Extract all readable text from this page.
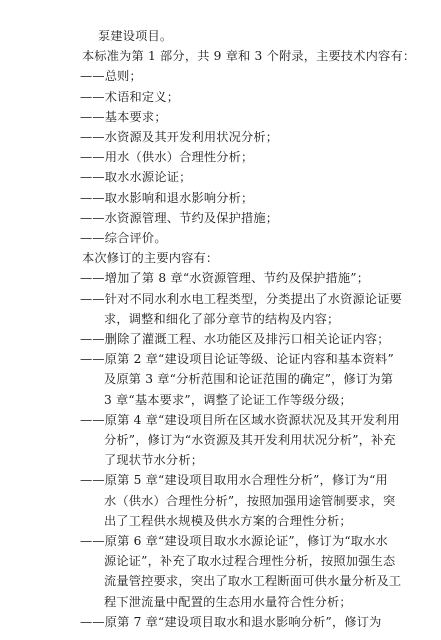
泵建设项目。
本标准为第 1 部分，共 9 章和 3 个附录，主要技术内容有：
——总则；
——术语和定义；
——基本要求；
——水资源及其开发利用状况分析；
——用水（供水）合理性分析；
——取水水源论证；
——取水影响和退水影响分析；
——水资源管理、节约及保护措施；
——综合评价。
本次修订的主要内容有：
——增加了第 8 章“水资源管理、节约及保护措施”；
——针对不同水利水电工程类型，分类提出了水资源论证要
求，调整和细化了部分章节的结构及内容；
——删除了灌溉工程、水功能区及排污口相关论证内容；
——原第 2 章“建设项目论证等级、论证内容和基本资料”
及原第 3 章“分析范围和论证范围的确定”，修订为第
3 章“基本要求”，调整了论证工作等级分级；
——原第 4 章“建设项目所在区域水资源状况及其开发利用
分析”，修订为“水资源及其开发利用状况分析”，补充
了现状节水分析；
——原第 5 章“建设项目取用水合理性分析”，修订为“用
水（供水）合理性分析”，按照加强用途管制要求，突
出了工程供水规模及供水方案的合理性分析；
——原第 6 章“建设项目取水水源论证”，修订为“取水水
源论证”，补充了取水过程合理性分析，按照加强生态
流量管控要求，突出了取水工程断面可供水量分析及工
程下泄流量中配置的生态用水量符合性分析；
——原第 7 章“建设项目取水和退水影响分析”，修订为
